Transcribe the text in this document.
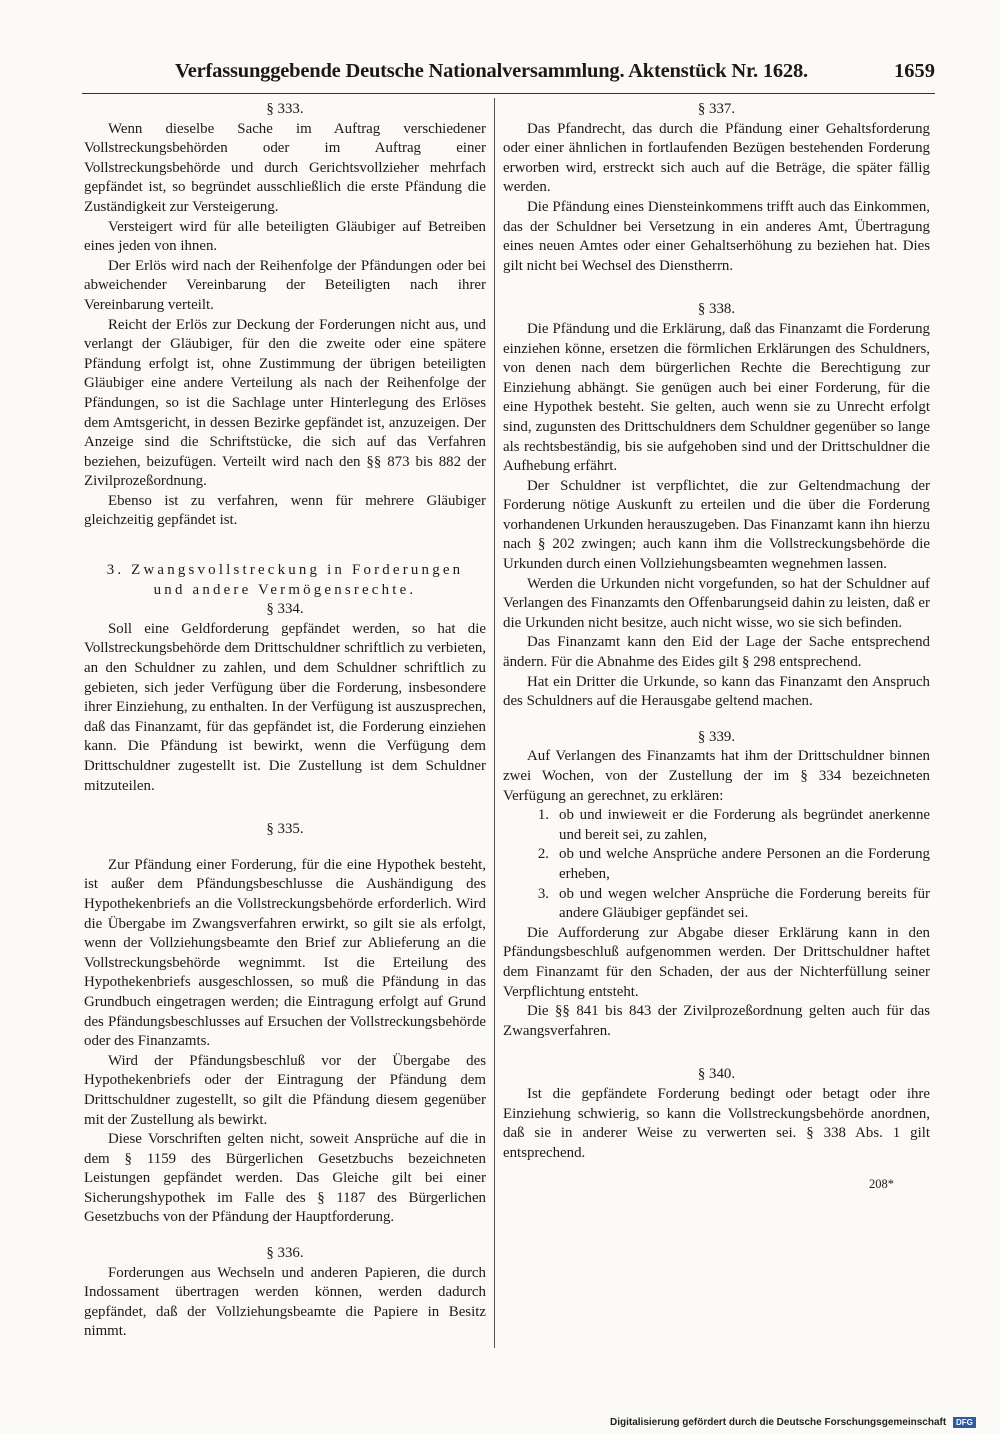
Verfassunggebende Deutsche Nationalversammlung. Aktenstück Nr. 1628.	1659
§ 333.
Wenn dieselbe Sache im Auftrag verschiedener Vollstreckungsbehörden oder im Auftrag einer Vollstreckungsbehörde und durch Gerichtsvollzieher mehrfach gepfändet ist, so begründet ausschließlich die erste Pfändung die Zuständigkeit zur Versteigerung.
Versteigert wird für alle beteiligten Gläubiger auf Betreiben eines jeden von ihnen.
Der Erlös wird nach der Reihenfolge der Pfändungen oder bei abweichender Vereinbarung der Beteiligten nach ihrer Vereinbarung verteilt.
Reicht der Erlös zur Deckung der Forderungen nicht aus, und verlangt der Gläubiger, für den die zweite oder eine spätere Pfändung erfolgt ist, ohne Zustimmung der übrigen beteiligten Gläubiger eine andere Verteilung als nach der Reihenfolge der Pfändungen, so ist die Sachlage unter Hinterlegung des Erlöses dem Amtsgericht, in dessen Bezirke gepfändet ist, anzuzeigen. Der Anzeige sind die Schriftstücke, die sich auf das Verfahren beziehen, beizufügen. Verteilt wird nach den §§ 873 bis 882 der Zivilprozeßordnung.
Ebenso ist zu verfahren, wenn für mehrere Gläubiger gleichzeitig gepfändet ist.
3. Zwangsvollstreckung in Forderungen
und andere Vermögensrechte.
§ 334.
Soll eine Geldforderung gepfändet werden, so hat die Vollstreckungsbehörde dem Drittschuldner schriftlich zu verbieten, an den Schuldner zu zahlen, und dem Schuldner schriftlich zu gebieten, sich jeder Verfügung über die Forderung, insbesondere ihrer Einziehung, zu enthalten. In der Verfügung ist auszusprechen, daß das Finanzamt, für das gepfändet ist, die Forderung einziehen kann. Die Pfändung ist bewirkt, wenn die Verfügung dem Drittschuldner zugestellt ist. Die Zustellung ist dem Schuldner mitzuteilen.
§ 335.
Zur Pfändung einer Forderung, für die eine Hypothek besteht, ist außer dem Pfändungsbeschlusse die Aushändigung des Hypothekenbriefs an die Vollstreckungsbehörde erforderlich. Wird die Übergabe im Zwangsverfahren erwirkt, so gilt sie als erfolgt, wenn der Vollziehungsbeamte den Brief zur Ablieferung an die Vollstreckungsbehörde wegnimmt. Ist die Erteilung des Hypothekenbriefs ausgeschlossen, so muß die Pfändung in das Grundbuch eingetragen werden; die Eintragung erfolgt auf Grund des Pfändungsbeschlusses auf Ersuchen der Vollstreckungsbehörde oder des Finanzamts.
Wird der Pfändungsbeschluß vor der Übergabe des Hypothekenbriefs oder der Eintragung der Pfändung dem Drittschuldner zugestellt, so gilt die Pfändung diesem gegenüber mit der Zustellung als bewirkt.
Diese Vorschriften gelten nicht, soweit Ansprüche auf die in dem § 1159 des Bürgerlichen Gesetzbuchs bezeichneten Leistungen gepfändet werden. Das Gleiche gilt bei einer Sicherungshypothek im Falle des § 1187 des Bürgerlichen Gesetzbuchs von der Pfändung der Hauptforderung.
§ 336.
Forderungen aus Wechseln und anderen Papieren, die durch Indossament übertragen werden können, werden dadurch gepfändet, daß der Vollziehungsbeamte die Papiere in Besitz nimmt.
§ 337.
Das Pfandrecht, das durch die Pfändung einer Gehaltsforderung oder einer ähnlichen in fortlaufenden Bezügen bestehenden Forderung erworben wird, erstreckt sich auch auf die Beträge, die später fällig werden.
Die Pfändung eines Diensteinkommens trifft auch das Einkommen, das der Schuldner bei Versetzung in ein anderes Amt, Übertragung eines neuen Amtes oder einer Gehaltserhöhung zu beziehen hat. Dies gilt nicht bei Wechsel des Dienstherrn.
§ 338.
Die Pfändung und die Erklärung, daß das Finanzamt die Forderung einziehen könne, ersetzen die förmlichen Erklärungen des Schuldners, von denen nach dem bürgerlichen Rechte die Berechtigung zur Einziehung abhängt. Sie genügen auch bei einer Forderung, für die eine Hypothek besteht. Sie gelten, auch wenn sie zu Unrecht erfolgt sind, zugunsten des Drittschuldners dem Schuldner gegenüber so lange als rechtsbeständig, bis sie aufgehoben sind und der Drittschuldner die Aufhebung erfährt.
Der Schuldner ist verpflichtet, die zur Geltendmachung der Forderung nötige Auskunft zu erteilen und die über die Forderung vorhandenen Urkunden herauszugeben. Das Finanzamt kann ihn hierzu nach § 202 zwingen; auch kann ihm die Vollstreckungsbehörde die Urkunden durch einen Vollziehungsbeamten wegnehmen lassen.
Werden die Urkunden nicht vorgefunden, so hat der Schuldner auf Verlangen des Finanzamts den Offenbarungseid dahin zu leisten, daß er die Urkunden nicht besitze, auch nicht wisse, wo sie sich befinden.
Das Finanzamt kann den Eid der Lage der Sache entsprechend ändern. Für die Abnahme des Eides gilt § 298 entsprechend.
Hat ein Dritter die Urkunde, so kann das Finanzamt den Anspruch des Schuldners auf die Herausgabe geltend machen.
§ 339.
Auf Verlangen des Finanzamts hat ihm der Drittschuldner binnen zwei Wochen, von der Zustellung der im § 334 bezeichneten Verfügung an gerechnet, zu erklären:
1. ob und inwieweit er die Forderung als begründet anerkenne und bereit sei, zu zahlen,
2. ob und welche Ansprüche andere Personen an die Forderung erheben,
3. ob und wegen welcher Ansprüche die Forderung bereits für andere Gläubiger gepfändet sei.
Die Aufforderung zur Abgabe dieser Erklärung kann in den Pfändungsbeschluß aufgenommen werden. Der Drittschuldner haftet dem Finanzamt für den Schaden, der aus der Nichterfüllung seiner Verpflichtung entsteht.
Die §§ 841 bis 843 der Zivilprozeßordnung gelten auch für das Zwangsverfahren.
§ 340.
Ist die gepfändete Forderung bedingt oder betagt oder ihre Einziehung schwierig, so kann die Vollstreckungsbehörde anordnen, daß sie in anderer Weise zu verwerten sei. § 338 Abs. 1 gilt entsprechend.
208*
Digitalisierung gefördert durch die Deutsche Forschungsgemeinschaft DFG
